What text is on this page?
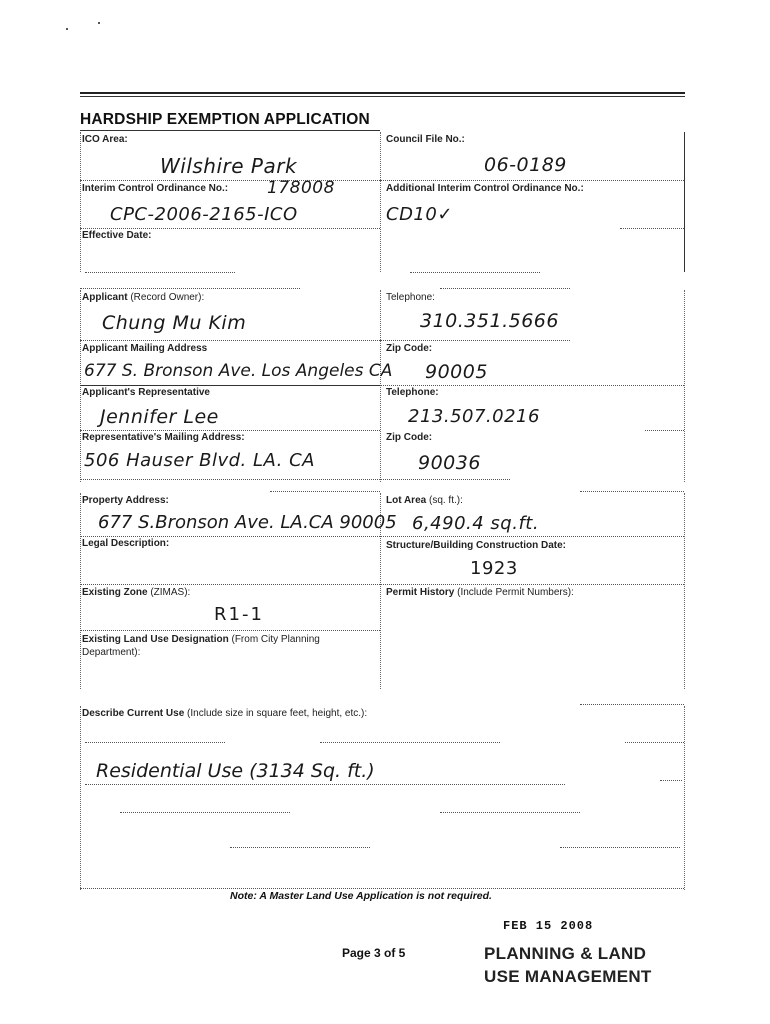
HARDSHIP EXEMPTION APPLICATION
ICO Area:
Wilshire Park
Council File No.:
06-0189
Interim Control Ordinance No.: 178008
CPC-2006-2165-ICO
Additional Interim Control Ordinance No.:
CD10✓
Effective Date:
Applicant (Record Owner):
Chung Mu Kim
Telephone:
310.351.5666
Applicant Mailing Address
677 S. Bronson Ave. Los Angeles CA
Zip Code:
90005
Applicant's Representative
Jennifer Lee
Telephone:
213.507.0216
Representative's Mailing Address:
506 Hauser Blvd. LA. CA
Zip Code:
90036
Property Address:
677 S.Bronson Ave. LA.CA 90005
Lot Area (sq. ft.):
6,490.4 sq.ft.
Legal Description:	Structure/Building Construction Date:
1923
Existing Zone (ZIMAS):
R1-1
Permit History (Include Permit Numbers):
Existing Land Use Designation (From City Planning
Department):
Describe Current Use (Include size in square feet, height, etc.):
Residential Use (3134 Sq. ft.)
Note: A Master Land Use Application is not required.
FEB 15 2008
Page 3 of 5	PLANNING & LAND
USE MANAGEMENT
